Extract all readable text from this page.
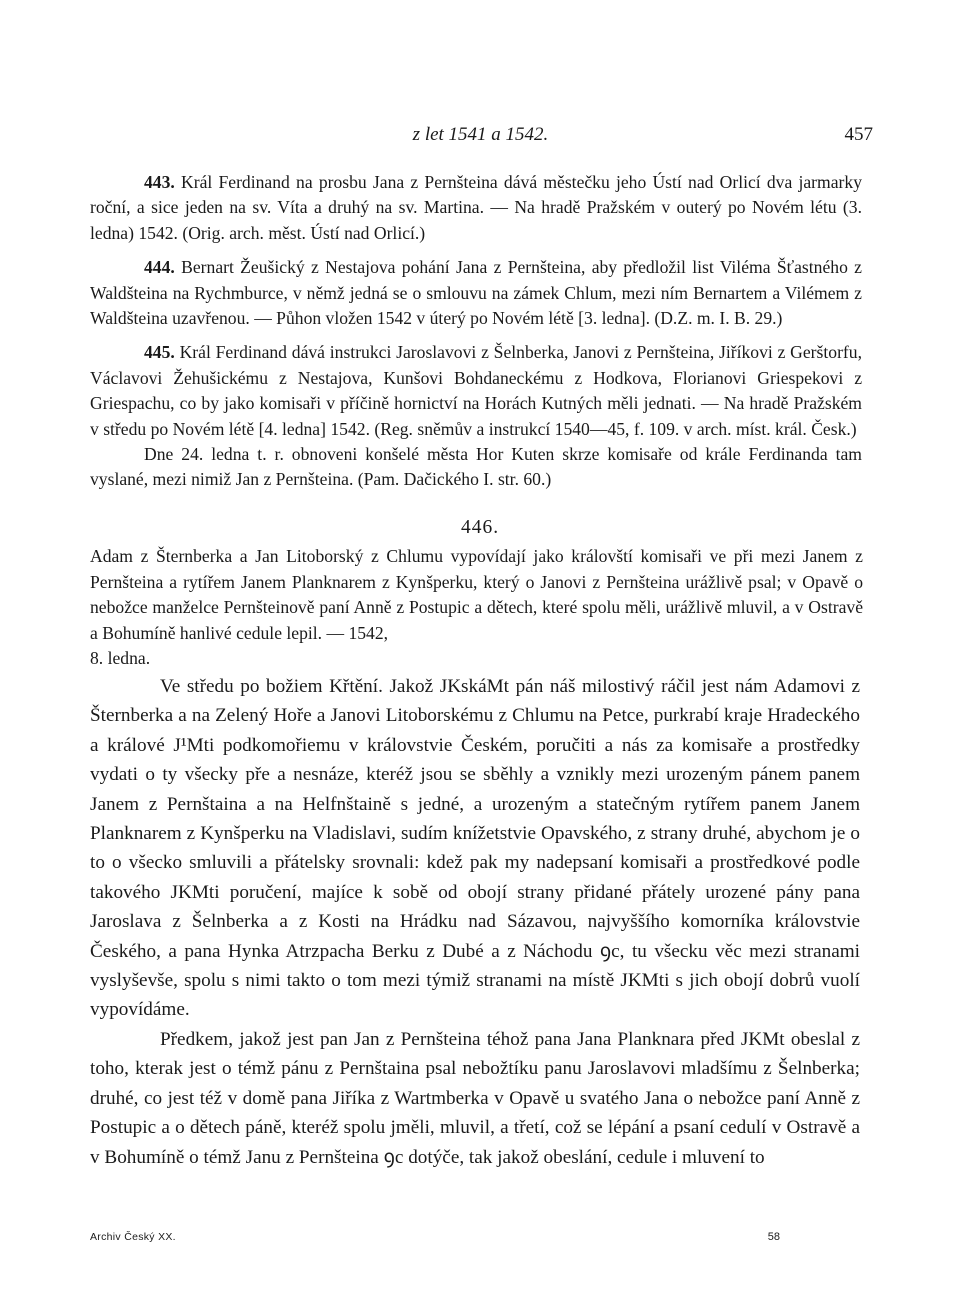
z let 1541 a 1542.	457

443. Král Ferdinand na prosbu Jana z Pernšteina dává městečku jeho Ústí nad Orlicí dva jarmarky roční, a sice jeden na sv. Víta a druhý na sv. Martina. — Na hradě Pražském v outerý po Novém létu (3. ledna) 1542. (Orig. arch. měst. Ústí nad Orlicí.)

444. Bernart Žeušický z Nestajova pohání Jana z Pernšteina, aby předložil list Viléma Šťastného z Waldšteina na Rychmburce, v němž jedná se o smlouvu na zámek Chlum, mezi ním Bernartem a Vilémem z Waldšteina uzavřenou. — Půhon vložen 1542 v úterý po Novém létě [3. ledna]. (D.Z. m. I. B. 29.)

445. Král Ferdinand dává instrukci Jaroslavovi z Šelnberka, Janovi z Pernšteina, Jiříkovi z Gerštorfu, Václavovi Žehušickému z Nestajova, Kunšovi Bohdaneckému z Hodkova, Florianovi Griespekovi z Griespachu, co by jako komisaři v příčině hornictví na Horách Kutných měli jednati. — Na hradě Pražském v středu po Novém létě [4. ledna] 1542. (Reg. sněmův a instrukcí 1540—45, f. 109. v arch. míst. král. Česk.)

Dne 24. ledna t. r. obnoveni konšelé města Hor Kuten skrze komisaře od krále Ferdinanda tam vyslané, mezi nimiž Jan z Pernšteina. (Pam. Dačického I. str. 60.)

446.
Adam z Šternberka a Jan Litoborský z Chlumu vypovídají jako královští komisaři ve při mezi Janem z Pernšteina a rytířem Janem Planknarem z Kynšperku, který o Janovi z Pernšteina urážlivě psal; v Opavě o nebožce manželce Pernšteinově paní Anně z Postupic a dětech, které spolu měli, urážlivě mluvil, a v Ostravě a Bohumíně hanlivé cedule lepil. — 1542,
8. ledna.

Ve středu po božiem Křtění. Jakož JKskáMt pán náš milostivý ráčil jest nám Adamovi z Šternberka a na Zelený Hoře a Janovi Litoborskému z Chlumu na Petce, purkrabí kraje Hradeckého a králové J¹Mti podkomořiemu v královstvie Českém, poručiti a nás za komisaře a prostředky vydati o ty všecky pře a nesnáze, kteréž jsou se sběhly a vznikly mezi urozeným pánem panem Janem z Pernštaina a na Helfnštaině s jedné, a urozeným a statečným rytířem panem Janem Planknarem z Kynšperku na Vladislavi, sudím knížetstvie Opavského, z strany druhé, abychom je o to o všecko smluvili a přátelsky srovnali: kdež pak my nadepsaní komisaři a prostředkové podle takového JKMti poručení, majíce k sobě od obojí strany přidané přátely urozené pány pana Jaroslava z Šelnberka a z Kosti na Hrádku nad Sázavou, najvyššího komorníka královstvie Českého, a pana Hynka Atrzpacha Berku z Dubé a z Náchodu ꝯc, tu všecku věc mezi stranami vyslyševše, spolu s nimi takto o tom mezi týmiž stranami na místě JKMti s jich obojí dobrů vuolí vypovídáme.

Předkem, jakož jest pan Jan z Pernšteina téhož pana Jana Planknara před JKMt obeslal z toho, kterak jest o témž pánu z Pernštaina psal nebožtíku panu Jaroslavovi mladšímu z Šelnberka; druhé, co jest též v domě pana Jiříka z Wartmberka v Opavě u svatého Jana o nebožce paní Anně z Postupic a o dětech páně, kteréž spolu jměli, mluvil, a třetí, což se lépání a psaní cedulí v Ostravě a v Bohumíně o témž Janu z Pernšteina ꝯc dotýče, tak jakož obeslání, cedule i mluvení to

Archiv Český XX.	58
